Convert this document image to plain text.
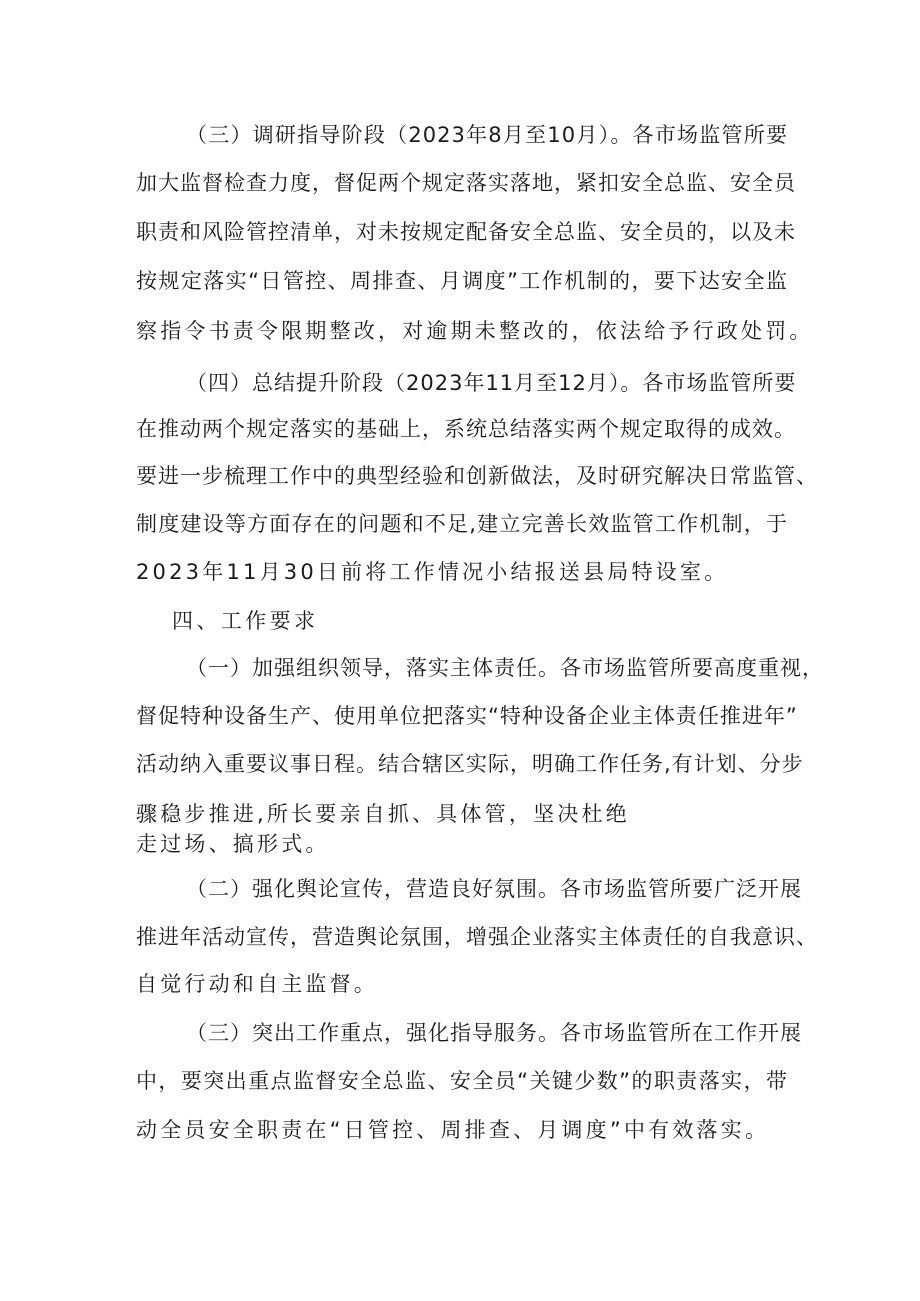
（三）调研指导阶段（2023年8月至10月）。各市场监管所要
加大监督检查力度，督促两个规定落实落地，紧扣安全总监、安全员
职责和风险管控清单，对未按规定配备安全总监、安全员的，以及未
按规定落实“日管控、周排查、月调度”工作机制的，要下达安全监
察指令书责令限期整改，对逾期未整改的，依法给予行政处罚。
（四）总结提升阶段（2023年11月至12月）。各市场监管所要
在推动两个规定落实的基础上，系统总结落实两个规定取得的成效。
要进一步梳理工作中的典型经验和创新做法，及时研究解决日常监管、
制度建设等方面存在的问题和不足,建立完善长效监管工作机制，于
2023年11月30日前将工作情况小结报送县局特设室。
四、工作要求
（一）加强组织领导，落实主体责任。各市场监管所要高度重视，
督促特种设备生产、使用单位把落实“特种设备企业主体责任推进年”
活动纳入重要议事日程。结合辖区实际，明确工作任务,有计划、分步
骤稳步推进,所长要亲自抓、具体管，坚决杜绝
走过场、搞形式。
（二）强化舆论宣传，营造良好氛围。各市场监管所要广泛开展
推进年活动宣传，营造舆论氛围，增强企业落实主体责任的自我意识、
自觉行动和自主监督。
（三）突出工作重点，强化指导服务。各市场监管所在工作开展
中，要突出重点监督安全总监、安全员“关键少数”的职责落实，带
动全员安全职责在“日管控、周排查、月调度”中有效落实。
